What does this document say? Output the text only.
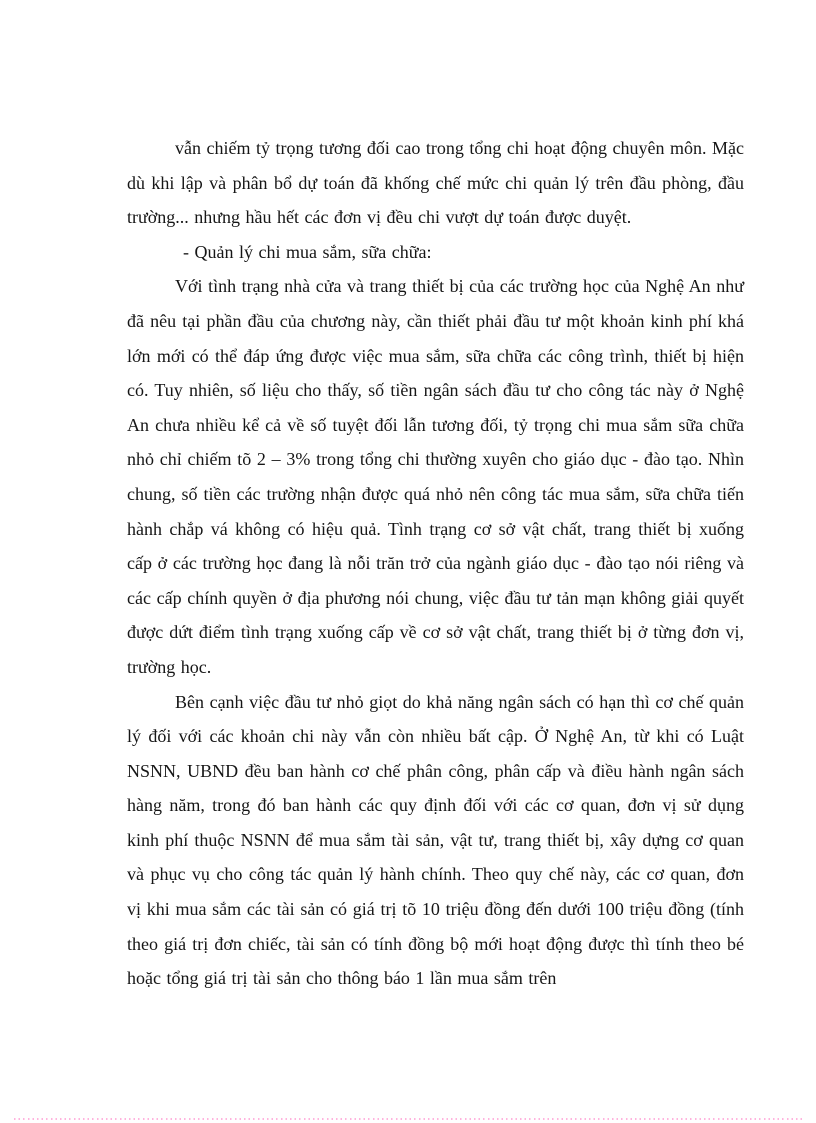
vẫn chiếm tỷ trọng tương đối cao trong tổng chi hoạt động chuyên môn. Mặc dù khi lập và phân bổ dự toán đã khống chế mức chi quản lý trên đầu phòng, đầu trường... nhưng hầu hết các đơn vị đều chi vượt dự toán được duyệt.

- Quản lý chi mua sắm, sữa chữa:

Với tình trạng nhà cửa và trang thiết bị của các trường học của Nghệ An như đã nêu tại phần đầu của chương này, cần thiết phải đầu tư một khoản kinh phí khá lớn mới có thể đáp ứng được việc mua sắm, sữa chữa các công trình, thiết bị hiện có. Tuy nhiên, số liệu cho thấy, số tiền ngân sách đầu tư cho công tác này ở Nghệ An chưa nhiều kể cả về số tuyệt đối lẫn tương đối, tỷ trọng chi mua sắm sữa chữa nhỏ chỉ chiếm tõ 2 – 3% trong tổng chi thường xuyên cho giáo dục - đào tạo. Nhìn chung, số tiền các trường nhận được quá nhỏ nên công tác mua sắm, sữa chữa tiến hành chắp vá không có hiệu quả. Tình trạng cơ sở vật chất, trang thiết bị xuống cấp ở các trường học đang là nỗi trăn trở của ngành giáo dục - đào tạo nói riêng và các cấp chính quyền ở địa phương nói chung, việc đầu tư tản mạn không giải quyết được dứt điểm tình trạng xuống cấp về cơ sở vật chất, trang thiết bị ở từng đơn vị, trường học.

Bên cạnh việc đầu tư nhỏ giọt do khả năng ngân sách có hạn thì cơ chế quản lý đối với các khoản chi này vẫn còn nhiều bất cập. Ở Nghệ An, từ khi có Luật NSNN, UBND đều ban hành cơ chế phân công, phân cấp và điều hành ngân sách hàng năm, trong đó ban hành các quy định đối với các cơ quan, đơn vị sử dụng kinh phí thuộc NSNN để mua sắm tài sản, vật tư, trang thiết bị, xây dựng cơ quan và phục vụ cho công tác quản lý hành chính. Theo quy chế này, các cơ quan, đơn vị khi mua sắm các tài sản có giá trị tõ 10 triệu đồng đến dưới 100 triệu đồng (tính theo giá trị đơn chiếc, tài sản có tính đồng bộ mới hoạt động được thì tính theo bé hoặc tổng giá trị tài sản cho thông báo 1 lần mua sắm trên
